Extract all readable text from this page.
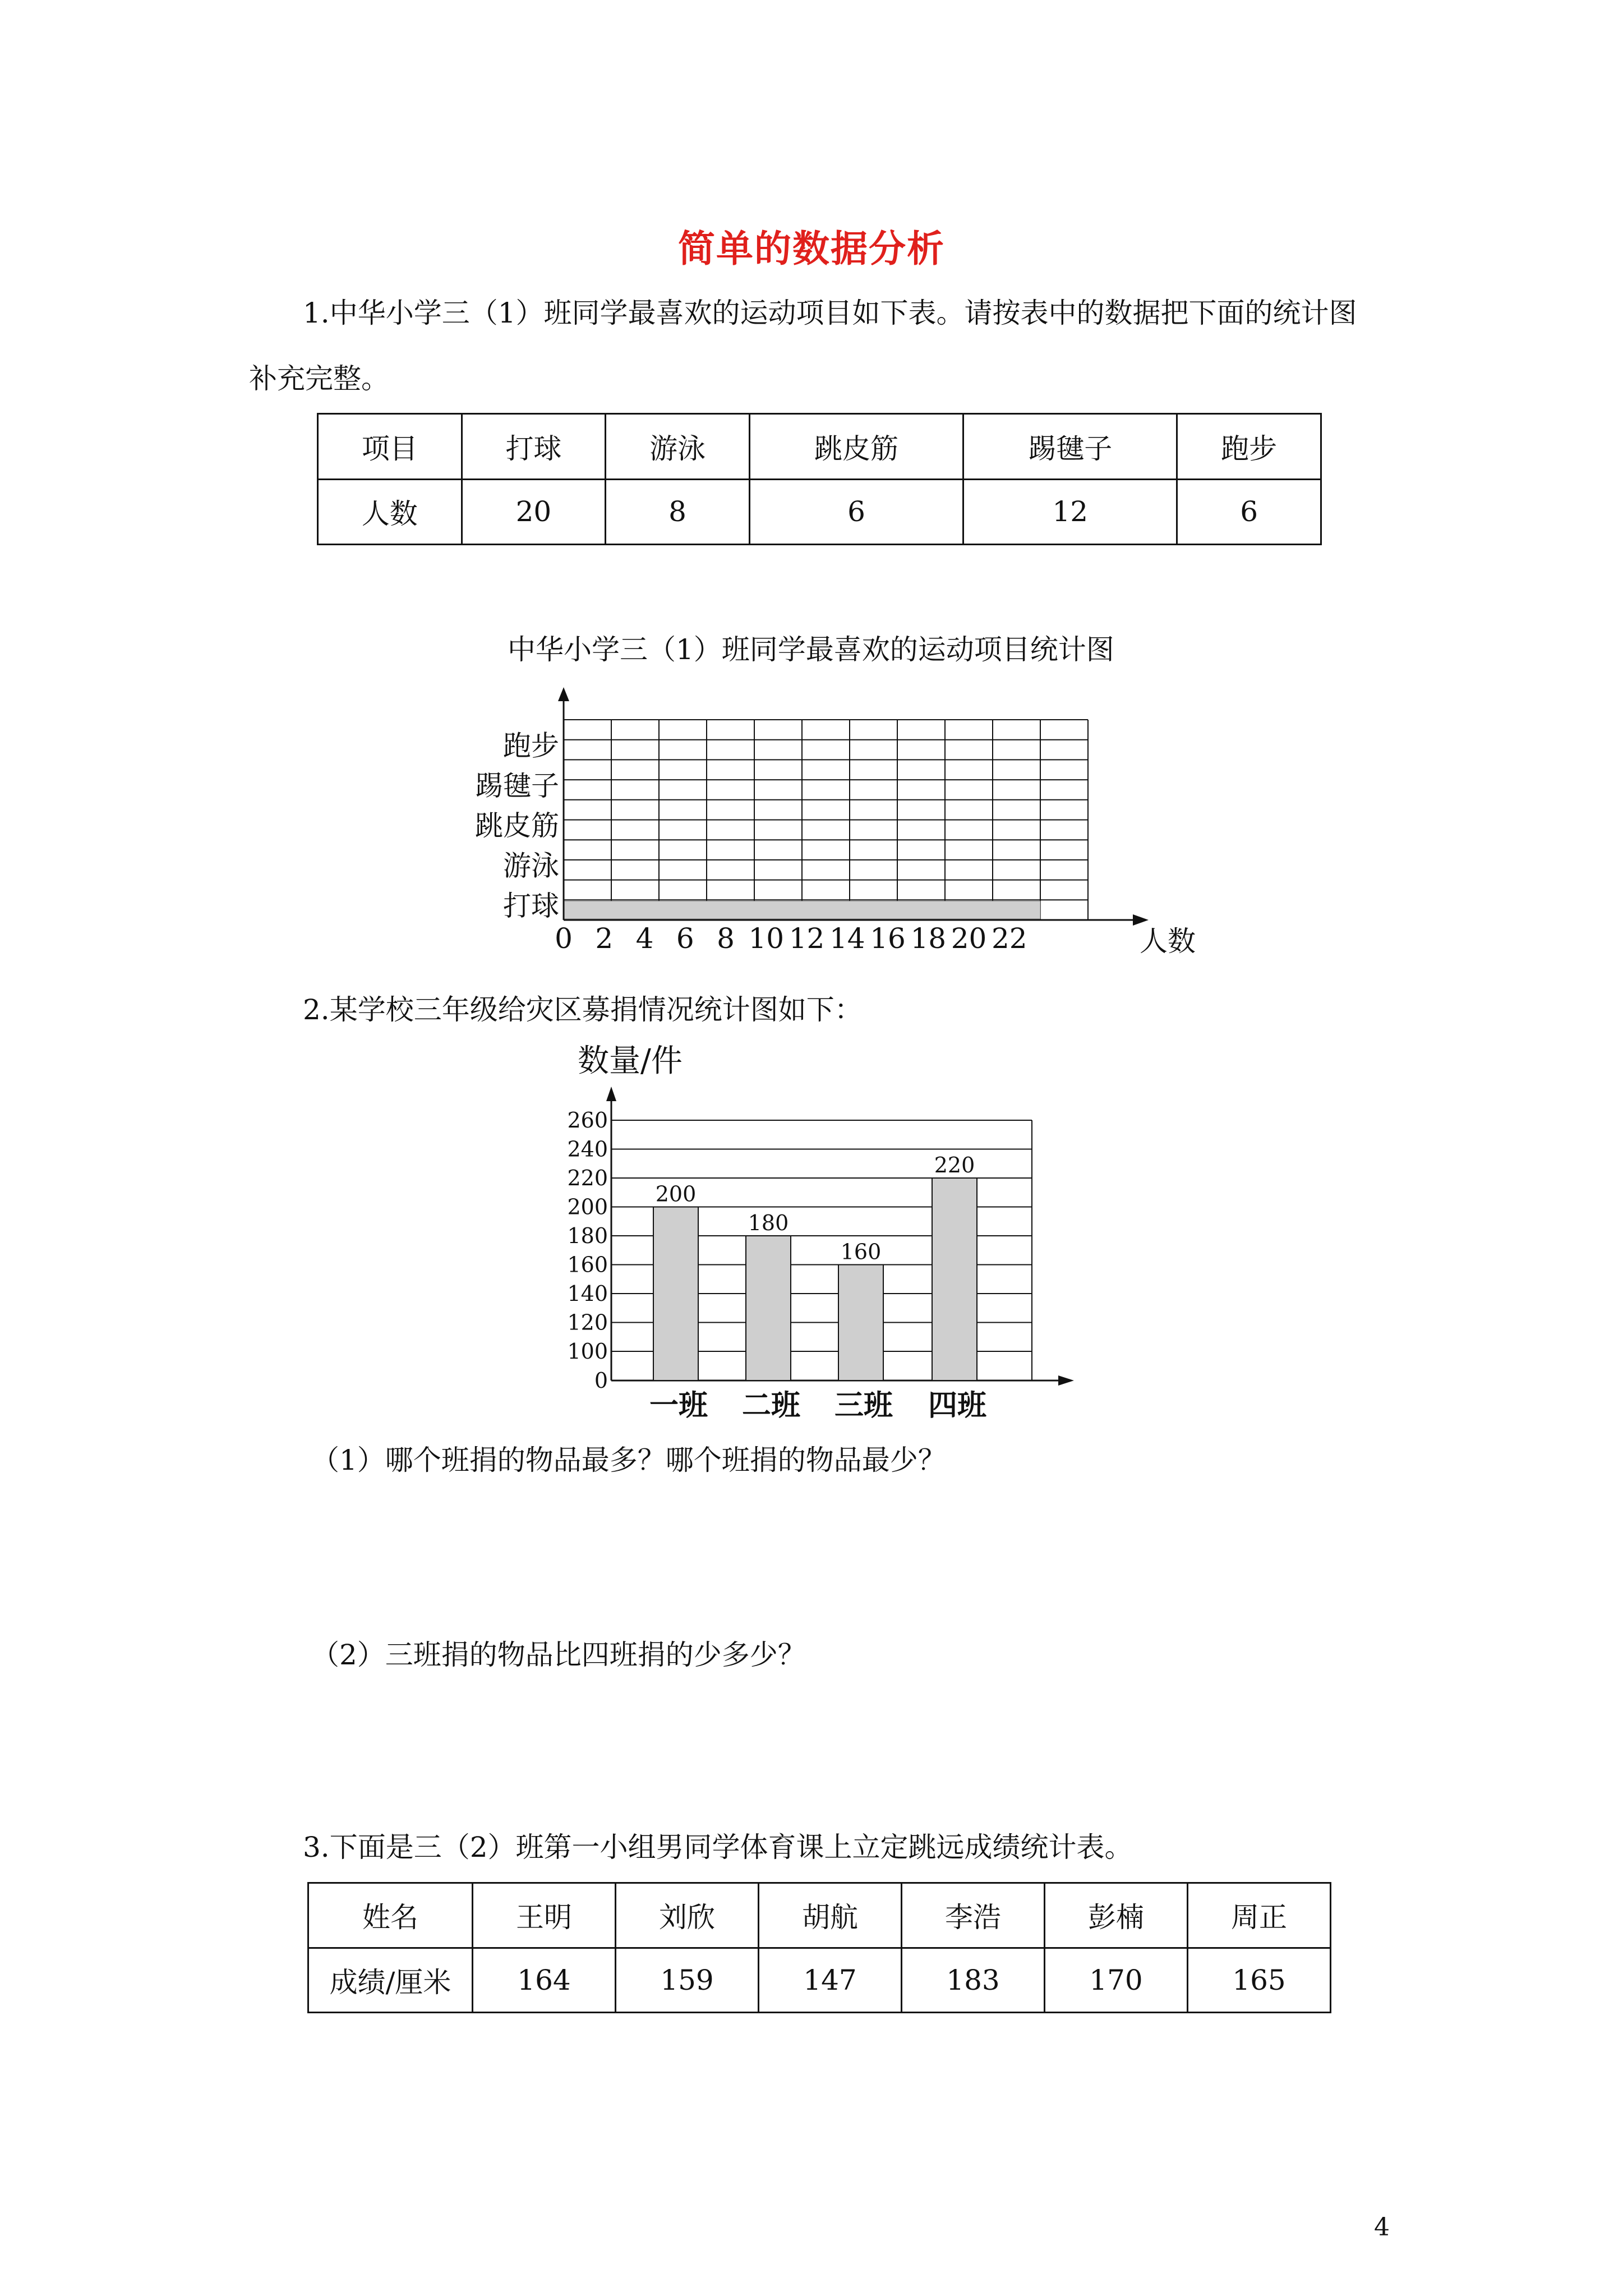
简单的数据分析
1.中华小学三（1）班同学最喜欢的运动项目如下表。请按表中的数据把下面的统计图
补充完整。
项目	打球	游泳	跳皮筋	踢毽子	跑步
人数	20	8	6	12	6
中华小学三（1）班同学最喜欢的运动项目统计图
打球
游泳
跳皮筋
踢毽子
跑步
0 2 4 6 8 10 12 14 16 18 20 22	人数
2.某学校三年级给灾区募捐情况统计图如下：
数量/件
0
100
120
140
160
180
200
220
240
260
200
一班
180
二班
160
三班
220
四班
（1）哪个班捐的物品最多？哪个班捐的物品最少？
（2）三班捐的物品比四班捐的少多少？
3.下面是三（2）班第一小组男同学体育课上立定跳远成绩统计表。
姓名	王明	刘欣	胡航	李浩	彭楠	周正
成绩/厘米	164	159	147	183	170	165
4
